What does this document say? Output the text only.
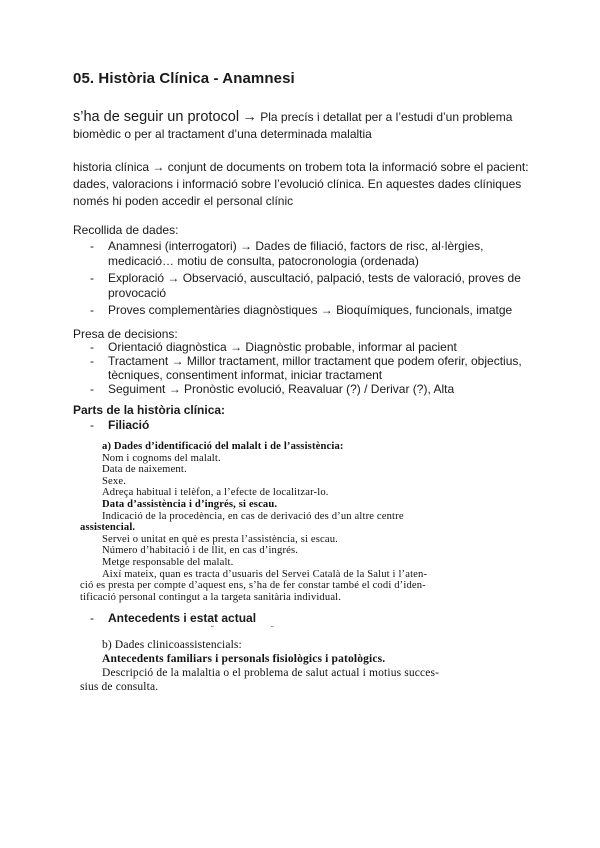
05. Història Clínica - Anamnesi
s’ha de seguir un protocol → Pla precís i detallat per a l’estudi d’un problema biomèdic o per al tractament d’una determinada malaltia
historia clínica → conjunt de documents on trobem tota la informació sobre el pacient: dades, valoracions i informació sobre l’evolució clínica. En aquestes dades clíniques només hi poden accedir el personal clínic
Recollida de dades:
- Anamnesi (interrogatori) → Dades de filiació, factors de risc, al·lèrgies, medicació… motiu de consulta, patocronologia (ordenada)
- Exploració → Observació, auscultació, palpació, tests de valoració, proves de provocació
- Proves complementàries diagnòstiques → Bioquímiques, funcionals, imatge
Presa de decisions:
- Orientació diagnòstica → Diagnòstic probable, informar al pacient
- Tractament → Millor tractament, millor tractament que podem oferir, objectius, tècniques, consentiment informat, iniciar tractament
- Seguiment → Pronòstic evolució, Reavaluar (?) / Derivar (?), Alta
Parts de la història clínica:
- Filiació
a) Dades d’identificació del malalt i de l’assistència:
Nom i cognoms del malalt.
Data de naixement.
Sexe.
Adreça habitual i telèfon, a l’efecte de localitzar-lo.
Data d’assistència i d’ingrés, si escau.
Indicació de la procedència, en cas de derivació des d’un altre centre
assistencial.
Servei o unitat en què es presta l’assistència, si escau.
Número d’habitació i de llit, en cas d’ingrés.
Metge responsable del malalt.
Així mateix, quan es tracta d’usuaris del Servei Català de la Salut i l’aten-
ció es presta per compte d’aquest ens, s’ha de fer constar també el codi d’iden-
tificació personal contingut a la targeta sanitària individual.
- Antecedents i estat actual
˘	˘
b) Dades clinicoassistencials:
Antecedents familiars i personals fisiològics i patològics.
Descripció de la malaltia o el problema de salut actual i motius succes-
sius de consulta.
